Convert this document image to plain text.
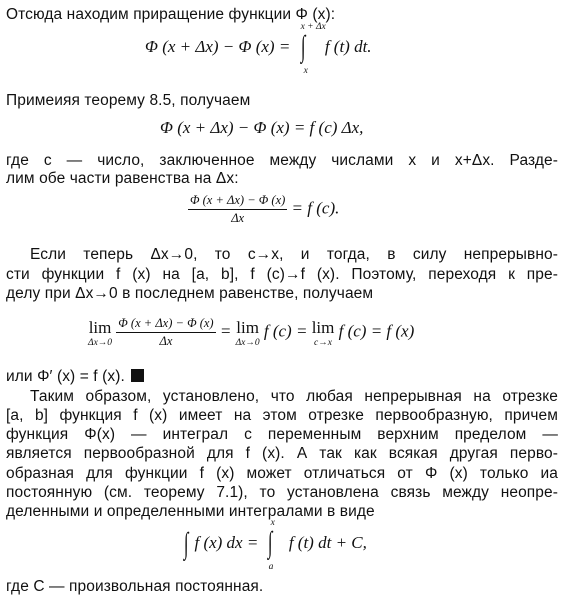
Отсюда находим приращение функции Φ (x):
Φ (x + Δx) − Φ (x) =
x + Δx
∫
x
f (t) dt.
Примеияя теорему 8.5, получаем
Φ (x + Δx) − Φ (x) = f (c) Δx,
где c — число, заключенное между числами x и x+Δx. Разде-
лим обе части равенства на Δx:
$\frac{\Phi (x + \Delta x) - \Phi (x)}{\Delta x} = f$ (c).
Если теперь Δx→0, то c→x, и тогда, в силу непрерывно-
сти функции f (x) на [a, b], f (c)→f (x). Поэтому, переходя к пре-
делу при Δx→0 в последнем равенстве, получаем
lim
Δx→0
$\frac{\Phi (x + \Delta x) - \Phi (x)}{\Delta x} = \lim$
Δx→0
f (c) = lim
c→x
f (c) = f (x)
или Φ′ (x) = f (x).
Таким образом, установлено, что любая непрерывная на отрезке
[a, b] функция f (x) имеет на этом отрезке первообразную, причем
функция Φ(x) — интеграл с переменным верхним пределом —
является первообразной для f (x). А так как всякая другая перво-
образная для функции f (x) может отличаться от Φ (x) только иа
постоянную (см. теорему 7.1), то установлена связь между неопре-
деленными и определенными интегралами в виде
∫ f (x) dx =
x
∫
a
f (t) dt + C,
где C — произвольная постоянная.
